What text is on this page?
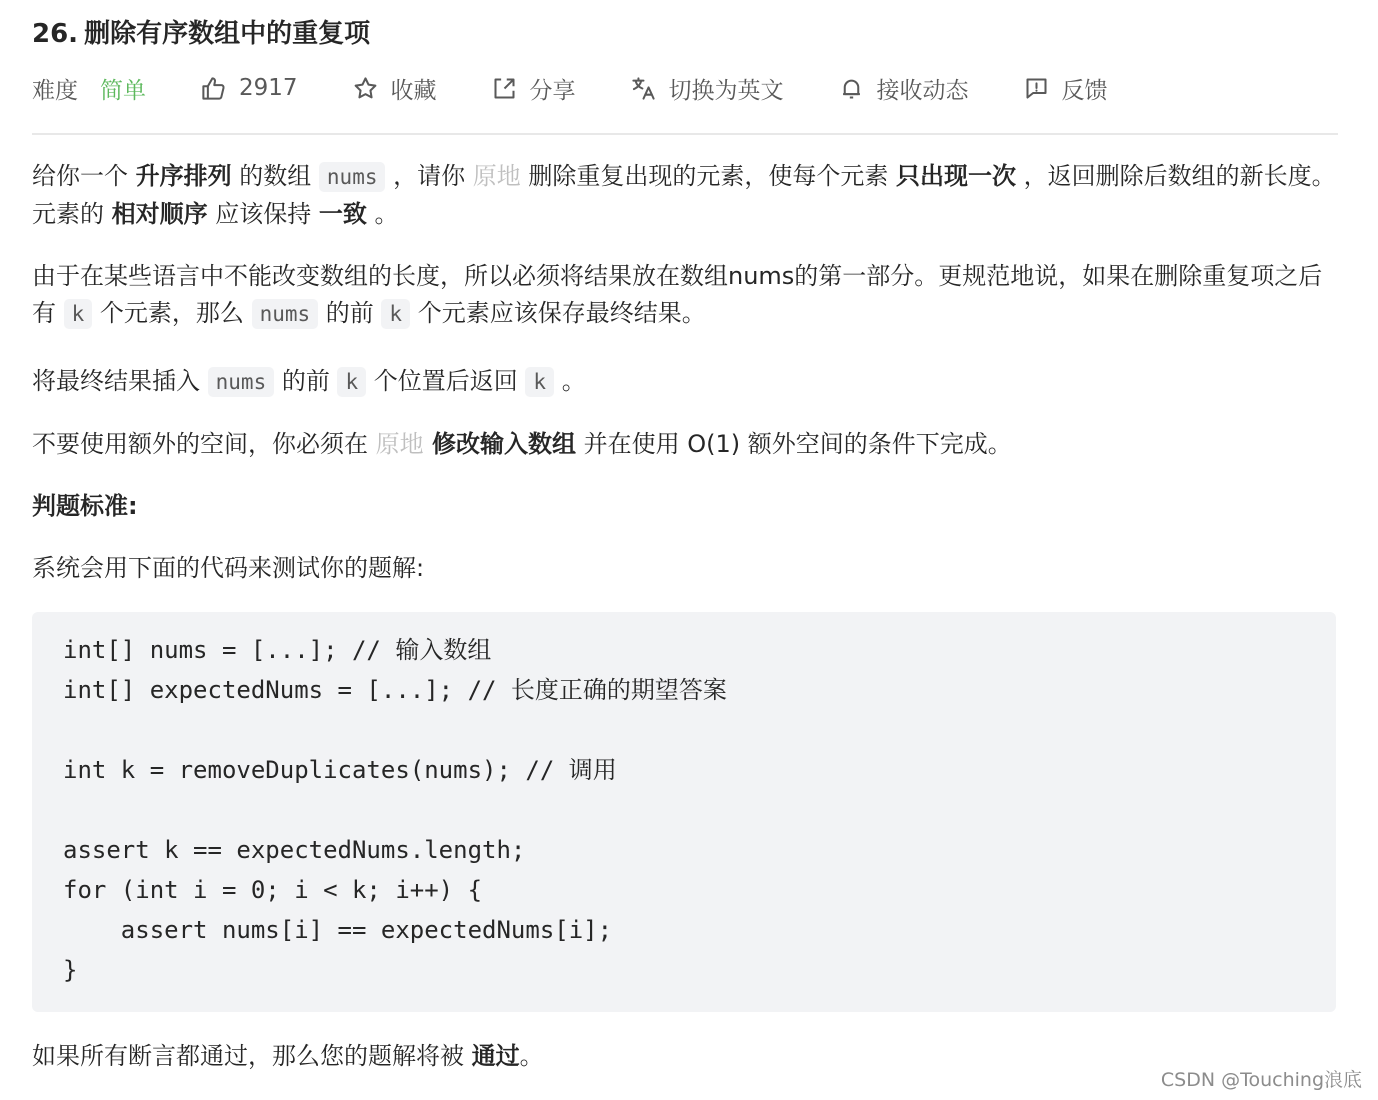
26. 删除有序数组中的重复项
难度 简单	2917	收藏	分享	切换为英文	接收动态	反馈

给你一个 升序排列 的数组 nums ，请你 原地 删除重复出现的元素，使每个元素 只出现一次 ，返回删除后数组的新长度。元素的 相对顺序 应该保持 一致 。

由于在某些语言中不能改变数组的长度，所以必须将结果放在数组nums的第一部分。更规范地说，如果在删除重复项之后有 k 个元素，那么 nums 的前 k 个元素应该保存最终结果。

将最终结果插入 nums 的前 k 个位置后返回 k 。

不要使用额外的空间，你必须在 原地 修改输入数组 并在使用 O(1) 额外空间的条件下完成。

判题标准:

系统会用下面的代码来测试你的题解:

如果所有断言都通过，那么您的题解将被 通过。

int[] nums = [...]; // 输入数组
int[] expectedNums = [...]; // 长度正确的期望答案
int k = removeDuplicates(nums); // 调用
assert k == expectedNums.length;
for (int i = 0; i < k; i++) {
assert nums[i] == expectedNums[i];
}
CSDN @Touching浪底
